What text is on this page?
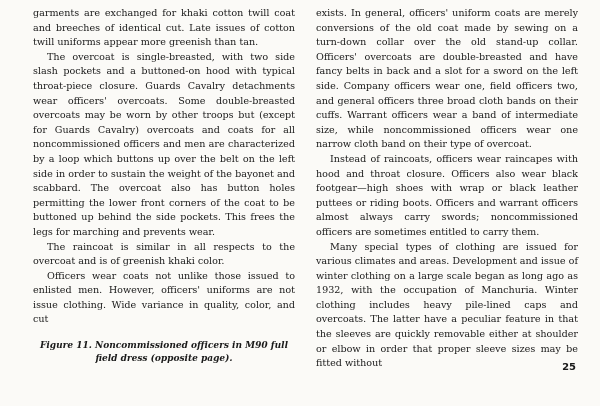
garments are exchanged for khaki cotton twill coat and breeches of identical cut. Late issues of cotton twill uniforms appear more greenish than tan.

The overcoat is single-breasted, with two side slash pockets and a buttoned-on hood with typical throat-piece closure. Guards Cavalry detachments wear officers' overcoats. Some double-breasted overcoats may be worn by other troops but (except for Guards Cavalry) overcoats and coats for all noncommissioned officers and men are characterized by a loop which buttons up over the belt on the left side in order to sustain the weight of the bayonet and scabbard. The overcoat also has button holes permitting the lower front corners of the coat to be buttoned up behind the side pockets. This frees the legs for marching and prevents wear.

The raincoat is similar in all respects to the overcoat and is of greenish khaki color.

Officers wear coats not unlike those issued to enlisted men. However, officers' uniforms are not issue clothing. Wide variance in quality, color, and cut

Figure 11. Noncommissioned officers in M90 full field dress (opposite page).

exists. In general, officers' uniform coats are merely conversions of the old coat made by sewing on a turn-down collar over the old stand-up collar. Officers' overcoats are double-breasted and have fancy belts in back and a slot for a sword on the left side. Company officers wear one, field officers two, and general officers three broad cloth bands on their cuffs. Warrant officers wear a band of intermediate size, while noncommissioned officers wear one narrow cloth band on their type of overcoat.

Instead of raincoats, officers wear raincapes with hood and throat closure. Officers also wear black footgear—high shoes with wrap or black leather puttees or riding boots. Officers and warrant officers almost always carry swords; noncommissioned officers are sometimes entitled to carry them.

Many special types of clothing are issued for various climates and areas. Development and issue of winter clothing on a large scale began as long ago as 1932, with the occupation of Manchuria. Winter clothing includes heavy pile-lined caps and overcoats. The latter have a peculiar feature in that the sleeves are quickly removable either at shoulder or elbow in order that proper sleeve sizes may be fitted without	25
